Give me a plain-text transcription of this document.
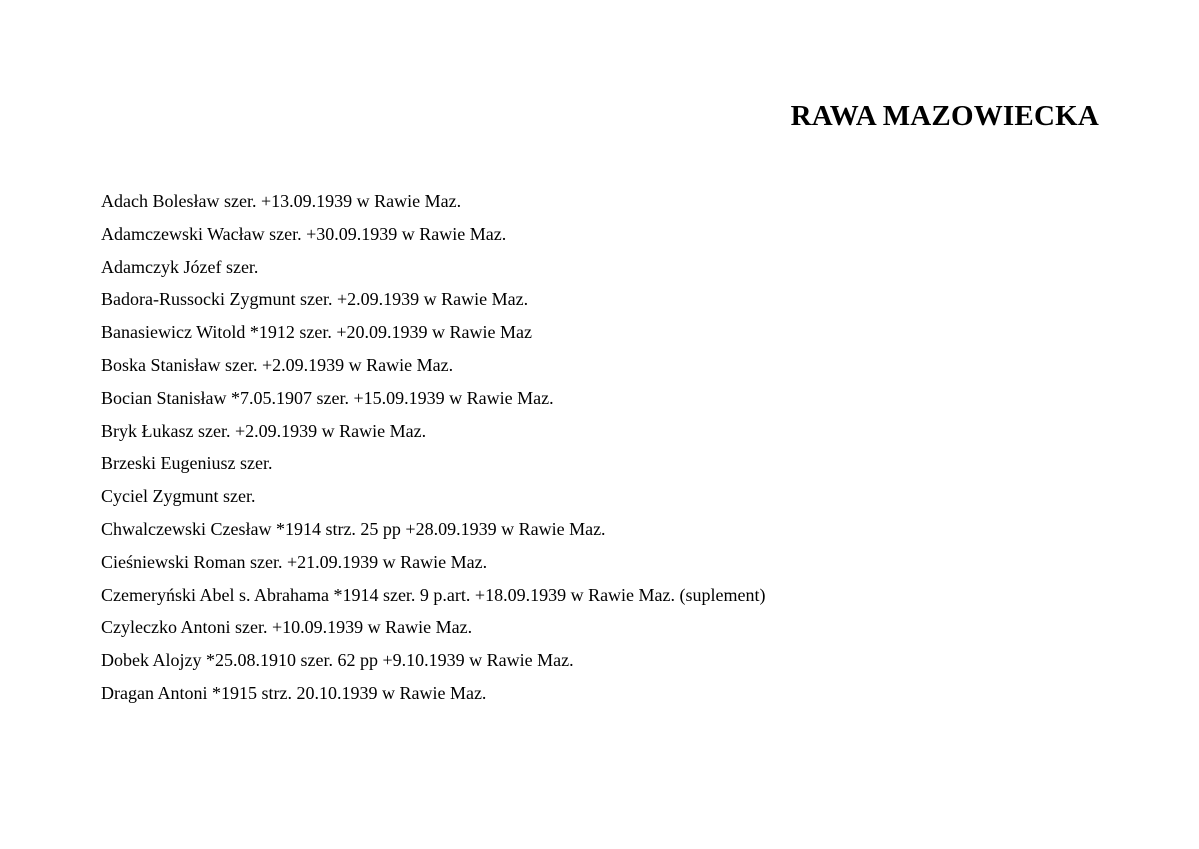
RAWA MAZOWIECKA
Adach Bolesław szer. +13.09.1939 w Rawie Maz.
Adamczewski Wacław szer. +30.09.1939 w Rawie Maz.
Adamczyk Józef szer.
Badora-Russocki Zygmunt szer. +2.09.1939 w Rawie Maz.
Banasiewicz Witold *1912 szer. +20.09.1939 w Rawie Maz
Boska Stanisław szer. +2.09.1939 w Rawie Maz.
Bocian Stanisław *7.05.1907 szer. +15.09.1939 w Rawie Maz.
Bryk Łukasz szer. +2.09.1939 w Rawie Maz.
Brzeski Eugeniusz szer.
Cyciel Zygmunt szer.
Chwalczewski Czesław *1914 strz. 25 pp +28.09.1939 w Rawie Maz.
Cieśniewski Roman szer. +21.09.1939 w Rawie Maz.
Czemeryński Abel s. Abrahama *1914 szer. 9 p.art. +18.09.1939 w Rawie Maz. (suplement)
Czyleczko Antoni szer. +10.09.1939 w Rawie Maz.
Dobek Alojzy *25.08.1910 szer. 62 pp +9.10.1939 w Rawie Maz.
Dragan Antoni *1915 strz. 20.10.1939 w Rawie Maz.
